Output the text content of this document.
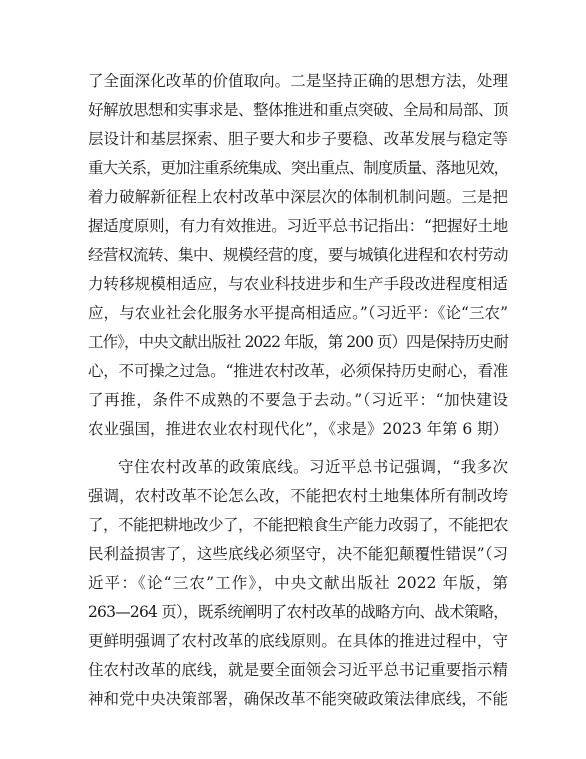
了全面深化改革的价值取向。二是坚持正确的思想方法，处理
好解放思想和实事求是、整体推进和重点突破、全局和局部、顶
层设计和基层探索、胆子要大和步子要稳、改革发展与稳定等
重大关系，更加注重系统集成、突出重点、制度质量、落地见效，
着力破解新征程上农村改革中深层次的体制机制问题。三是把
握适度原则，有力有效推进。习近平总书记指出：“把握好土地
经营权流转、集中、规模经营的度，要与城镇化进程和农村劳动
力转移规模相适应，与农业科技进步和生产手段改进程度相适
应，与农业社会化服务水平提高相适应。”（习近平：《论“三农”
工作》，中央文献出版社 2022 年版，第 200 页）四是保持历史耐
心，不可操之过急。“推进农村改革，必须保持历史耐心，看准
了再推，条件不成熟的不要急于去动。”（习近平：“加快建设
农业强国，推进农业农村现代化”，《求是》2023 年第 6 期）
守住农村改革的政策底线。习近平总书记强调，“我多次
强调，农村改革不论怎么改，不能把农村土地集体所有制改垮
了，不能把耕地改少了，不能把粮食生产能力改弱了，不能把农
民利益损害了，这些底线必须坚守，决不能犯颠覆性错误”（习
近平：《论“三农”工作》，中央文献出版社 2022 年版，第
263—264 页），既系统阐明了农村改革的战略方向、战术策略，
更鲜明强调了农村改革的底线原则。在具体的推进过程中，守
住农村改革的底线，就是要全面领会习近平总书记重要指示精
神和党中央决策部署，确保改革不能突破政策法律底线，不能
